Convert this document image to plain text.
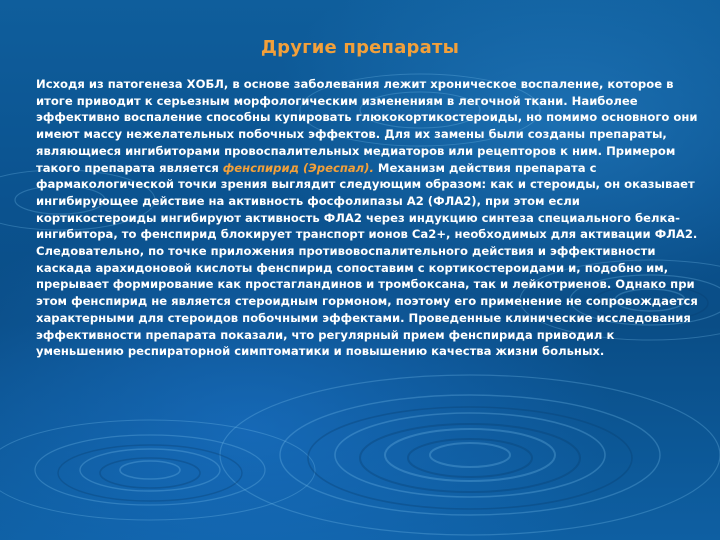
Другие препараты

Исходя из патогенеза ХОБЛ, в основе заболевания лежит хроническое воспаление, которое в итоге приводит к серьезным морфологическим изменениям в легочной ткани. Наиболее эффективно воспаление способны купировать глюкокортикостероиды, но помимо основного они имеют массу нежелательных побочных эффектов. Для их замены были созданы препараты, являющиеся ингибиторами провоспалительных медиаторов или рецепторов к ним. Примером такого препарата является фенспирид (Эреспал). Механизм действия препарата с фармакологической точки зрения выглядит следующим образом: как и стероиды, он оказывает ингибирующее действие на активность фосфолипазы А2 (ФЛА2), при этом если кортикостероиды ингибируют активность ФЛА2 через индукцию синтеза специального белка-ингибитора, то фенспирид блокирует транспорт ионов Са2+, необходимых для активации ФЛА2. Следовательно, по точке приложения противовоспалительного действия и эффективности каскада арахидоновой кислоты фенспирид сопоставим с кортикостероидами и, подобно им, прерывает формирование как простагландинов и тромбоксана, так и лейкотриенов. Однако при этом фенспирид не является стероидным гормоном, поэтому его применение не сопровождается характерными для стероидов побочными эффектами. Проведенные клинические исследования эффективности препарата показали, что регулярный прием фенспирида приводил к уменьшению респираторной симптоматики и повышению качества жизни больных.
